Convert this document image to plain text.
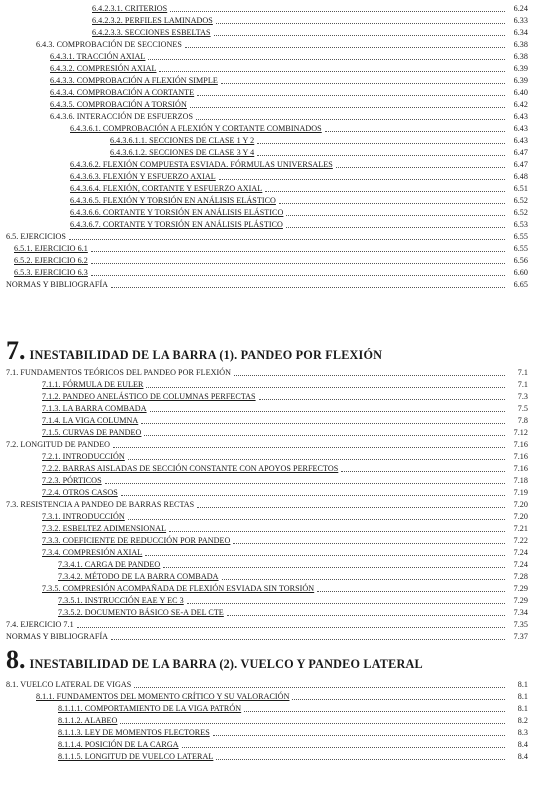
7. INESTABILIDAD DE LA BARRA (1). PANDEO POR FLEXIÓN
8. INESTABILIDAD DE LA BARRA (2). VUELCO Y PANDEO LATERAL
6.4.2.3.1. CRITERIOS	6.24
6.4.2.3.2. PERFILES LAMINADOS	6.33
6.4.2.3.3. SECCIONES ESBELTAS	6.34
6.4.3. COMPROBACIÓN DE SECCIONES	6.38
6.4.3.1. TRACCIÓN AXIAL	6.38
6.4.3.2. COMPRESIÓN AXIAL	6.39
6.4.3.3. COMPROBACIÓN A FLEXIÓN SIMPLE	6.39
6.4.3.4. COMPROBACIÓN A CORTANTE	6.40
6.4.3.5. COMPROBACIÓN A TORSIÓN	6.42
6.4.3.6. INTERACCIÓN DE ESFUERZOS	6.43
6.4.3.6.1. COMPROBACIÓN A FLEXIÓN Y CORTANTE COMBINADOS	6.43
6.4.3.6.1.1. SECCIONES DE CLASE 1 Y 2	6.43
6.4.3.6.1.2. SECCIONES DE CLASE 3 Y 4	6.47
6.4.3.6.2. FLEXIÓN COMPUESTA ESVIADA. FÓRMULAS UNIVERSALES	6.47
6.4.3.6.3. FLEXIÓN Y ESFUERZO AXIAL	6.48
6.4.3.6.4. FLEXIÓN, CORTANTE Y ESFUERZO AXIAL	6.51
6.4.3.6.5. FLEXIÓN Y TORSIÓN EN ANÁLISIS ELÁSTICO	6.52
6.4.3.6.6. CORTANTE Y TORSIÓN EN ANÁLISIS ELÁSTICO	6.52
6.4.3.6.7. CORTANTE Y TORSIÓN EN ANÁLISIS PLÁSTICO	6.53
6.5. EJERCICIOS	6.55
6.5.1. EJERCICIO 6.1	6.55
6.5.2. EJERCICIO 6.2	6.56
6.5.3. EJERCICIO 6.3	6.60
NORMAS Y BIBLIOGRAFÍA	6.65
7.1. FUNDAMENTOS TEÓRICOS DEL PANDEO POR FLEXIÓN	7.1
7.1.1. FÓRMULA DE EULER	7.1
7.1.2. PANDEO ANELÁSTICO DE COLUMNAS PERFECTAS	7.3
7.1.3. LA BARRA COMBADA	7.5
7.1.4. LA VIGA COLUMNA	7.8
7.1.5. CURVAS DE PANDEO	7.12
7.2. LONGITUD DE PANDEO	7.16
7.2.1. INTRODUCCIÓN	7.16
7.2.2. BARRAS AISLADAS DE SECCIÓN CONSTANTE CON APOYOS PERFECTOS	7.16
7.2.3. PÓRTICOS	7.18
7.2.4. OTROS CASOS	7.19
7.3. RESISTENCIA A PANDEO DE BARRAS RECTAS	7.20
7.3.1. INTRODUCCIÓN	7.20
7.3.2. ESBELTEZ ADIMENSIONAL	7.21
7.3.3. COEFICIENTE DE REDUCCIÓN POR PANDEO	7.22
7.3.4. COMPRESIÓN AXIAL	7.24
7.3.4.1. CARGA DE PANDEO	7.24
7.3.4.2. MÉTODO DE LA BARRA COMBADA	7.28
7.3.5. COMPRESIÓN ACOMPAÑADA DE FLEXIÓN ESVIADA SIN TORSIÓN	7.29
7.3.5.1. INSTRUCCIÓN EAE Y EC 3	7.29
7.3.5.2. DOCUMENTO BÁSICO SE-A DEL CTE	7.34
7.4. EJERCICIO 7.1	7.35
NORMAS Y BIBLIOGRAFÍA	7.37
8.1. VUELCO LATERAL DE VIGAS	8.1
8.1.1. FUNDAMENTOS DEL MOMENTO CRÍTICO Y SU VALORACIÓN	8.1
8.1.1.1. COMPORTAMIENTO DE LA VIGA PATRÓN	8.1
8.1.1.2. ALABEO	8.2
8.1.1.3. LEY DE MOMENTOS FLECTORES	8.3
8.1.1.4. POSICIÓN DE LA CARGA	8.4
8.1.1.5. LONGITUD DE VUELCO LATERAL	8.4
